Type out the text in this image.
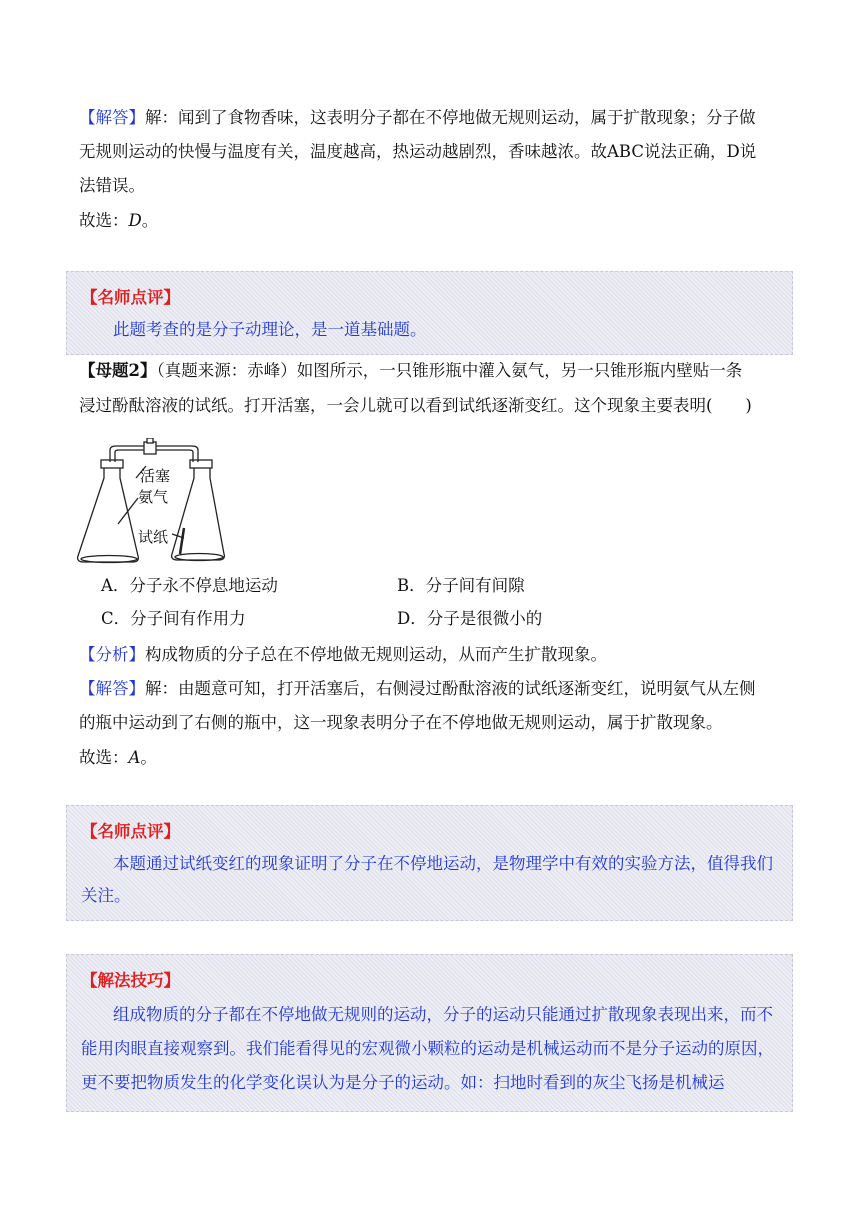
【解答】解：闻到了食物香味，这表明分子都在不停地做无规则运动，属于扩散现象；分子做
无规则运动的快慢与温度有关，温度越高，热运动越剧烈，香味越浓。故ABC说法正确，D说
法错误。
故选：D。
【名师点评】
此题考查的是分子动理论，是一道基础题。
【母题2】（真题来源：赤峰）如图所示，一只锥形瓶中灌入氨气，另一只锥形瓶内壁贴一条
浸过酚酞溶液的试纸。打开活塞，一会儿就可以看到试纸逐渐变红。这个现象主要表明(　　)
活塞
氨气
试纸
A．分子永不停息地运动	B．分子间有间隙
C．分子间有作用力	D．分子是很微小的
【分析】构成物质的分子总在不停地做无规则运动，从而产生扩散现象。
【解答】解：由题意可知，打开活塞后，右侧浸过酚酞溶液的试纸逐渐变红，说明氨气从左侧
的瓶中运动到了右侧的瓶中，这一现象表明分子在不停地做无规则运动，属于扩散现象。
故选：A。
【名师点评】
本题通过试纸变红的现象证明了分子在不停地运动，是物理学中有效的实验方法，值得我们关注。
【解法技巧】
组成物质的分子都在不停地做无规则的运动，分子的运动只能通过扩散现象表现出来，而不能用肉眼直接观察到。我们能看得见的宏观微小颗粒的运动是机械运动而不是分子运动的原因，更不要把物质发生的化学变化误认为是分子的运动。如：扫地时看到的灰尘飞扬是机械运
